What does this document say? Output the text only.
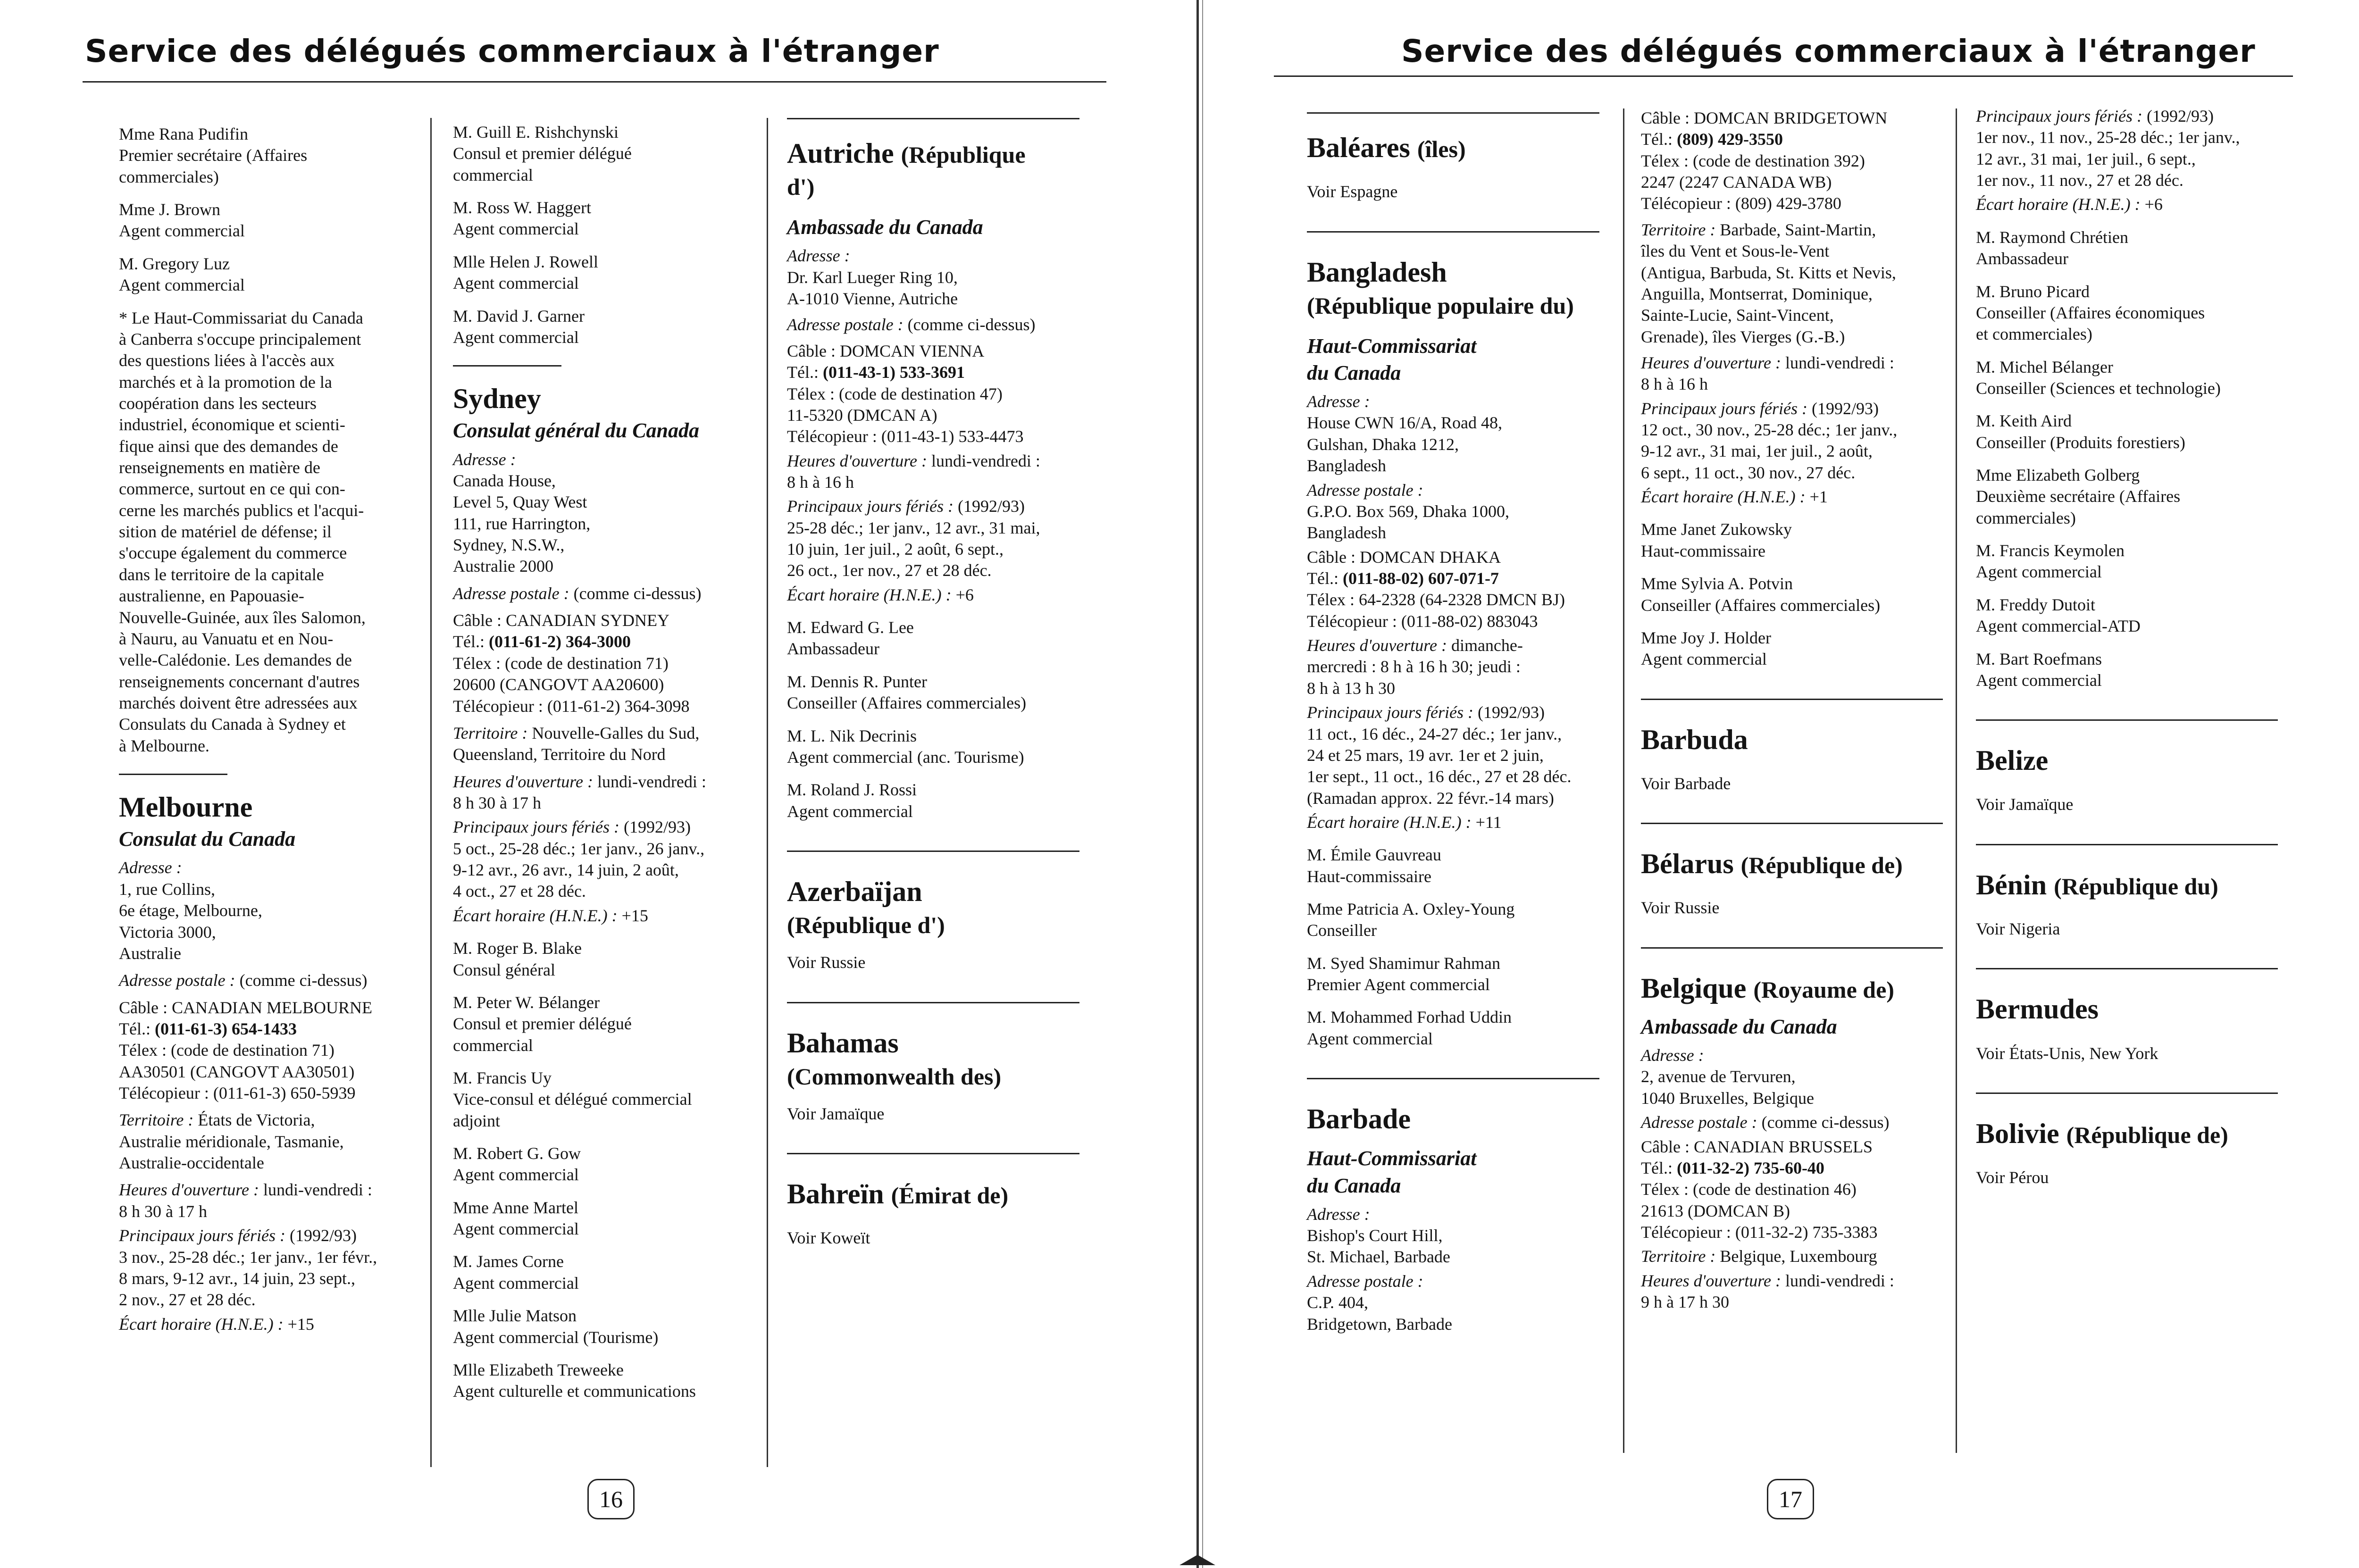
Service des délégués commerciaux à l'étranger	Service des délégués commerciaux à l'étranger
Mme Rana Pudifin
Premier secrétaire (Affaires
commerciales)
Mme J. Brown
Agent commercial
M. Gregory Luz
Agent commercial
* Le Haut-Commissariat du Canada
à Canberra s'occupe principalement
des questions liées à l'accès aux
marchés et à la promotion de la
coopération dans les secteurs
industriel, économique et scienti-
fique ainsi que des demandes de
renseignements en matière de
commerce, surtout en ce qui con-
cerne les marchés publics et l'acqui-
sition de matériel de défense; il
s'occupe également du commerce
dans le territoire de la capitale
australienne, en Papouasie-
Nouvelle-Guinée, aux îles Salomon,
à Nauru, au Vanuatu et en Nou-
velle-Calédonie. Les demandes de
renseignements concernant d'autres
marchés doivent être adressées aux
Consulats du Canada à Sydney et
à Melbourne.
Melbourne
Consulat du Canada
Adresse :
1, rue Collins,
6e étage, Melbourne,
Victoria 3000,
Australie
Adresse postale : (comme ci-dessus)
Câble : CANADIAN MELBOURNE
Tél.: (011-61-3) 654-1433
Télex : (code de destination 71)
AA30501 (CANGOVT AA30501)
Télécopieur : (011-61-3) 650-5939
Territoire : États de Victoria,
Australie méridionale, Tasmanie,
Australie-occidentale
Heures d'ouverture : lundi-vendredi :
8 h 30 à 17 h
Principaux jours fériés : (1992/93)
3 nov., 25-28 déc.; 1er janv., 1er févr.,
8 mars, 9-12 avr., 14 juin, 23 sept.,
2 nov., 27 et 28 déc.
Écart horaire (H.N.E.) : +15
M. Guill E. Rishchynski
Consul et premier délégué
commercial
M. Ross W. Haggert
Agent commercial
Mlle Helen J. Rowell
Agent commercial
M. David J. Garner
Agent commercial
Sydney
Consulat général du Canada
Adresse :
Canada House,
Level 5, Quay West
111, rue Harrington,
Sydney, N.S.W.,
Australie 2000
Adresse postale : (comme ci-dessus)
Câble : CANADIAN SYDNEY
Tél.: (011-61-2) 364-3000
Télex : (code de destination 71)
20600 (CANGOVT AA20600)
Télécopieur : (011-61-2) 364-3098
Territoire : Nouvelle-Galles du Sud,
Queensland, Territoire du Nord
Heures d'ouverture : lundi-vendredi :
8 h 30 à 17 h
Principaux jours fériés : (1992/93)
5 oct., 25-28 déc.; 1er janv., 26 janv.,
9-12 avr., 26 avr., 14 juin, 2 août,
4 oct., 27 et 28 déc.
Écart horaire (H.N.E.) : +15
M. Roger B. Blake
Consul général
M. Peter W. Bélanger
Consul et premier délégué
commercial
M. Francis Uy
Vice-consul et délégué commercial
adjoint
M. Robert G. Gow
Agent commercial
Mme Anne Martel
Agent commercial
M. James Corne
Agent commercial
Mlle Julie Matson
Agent commercial (Tourisme)
Mlle Elizabeth Treweeke
Agent culturelle et communications
Autriche (République
d')
Ambassade du Canada
Adresse :
Dr. Karl Lueger Ring 10,
A-1010 Vienne, Autriche
Adresse postale : (comme ci-dessus)
Câble : DOMCAN VIENNA
Tél.: (011-43-1) 533-3691
Télex : (code de destination 47)
11-5320 (DMCAN A)
Télécopieur : (011-43-1) 533-4473
Heures d'ouverture : lundi-vendredi :
8 h à 16 h
Principaux jours fériés : (1992/93)
25-28 déc.; 1er janv., 12 avr., 31 mai,
10 juin, 1er juil., 2 août, 6 sept.,
26 oct., 1er nov., 27 et 28 déc.
Écart horaire (H.N.E.) : +6
M. Edward G. Lee
Ambassadeur
M. Dennis R. Punter
Conseiller (Affaires commerciales)
M. L. Nik Decrinis
Agent commercial (anc. Tourisme)
M. Roland J. Rossi
Agent commercial
Azerbaïjan
(République d')
Voir Russie
Bahamas
(Commonwealth des)
Voir Jamaïque
Bahreïn (Émirat de)
Voir Koweït
Baléares (îles)
Voir Espagne
Bangladesh
(République populaire du)
Haut-Commissariat
du Canada
Adresse :
House CWN 16/A, Road 48,
Gulshan, Dhaka 1212,
Bangladesh
Adresse postale :
G.P.O. Box 569, Dhaka 1000,
Bangladesh
Câble : DOMCAN DHAKA
Tél.: (011-88-02) 607-071-7
Télex : 64-2328 (64-2328 DMCN BJ)
Télécopieur : (011-88-02) 883043
Heures d'ouverture : dimanche-
mercredi : 8 h à 16 h 30; jeudi :
8 h à 13 h 30
Principaux jours fériés : (1992/93)
11 oct., 16 déc., 24-27 déc.; 1er janv.,
24 et 25 mars, 19 avr. 1er et 2 juin,
1er sept., 11 oct., 16 déc., 27 et 28 déc.
(Ramadan approx. 22 févr.-14 mars)
Écart horaire (H.N.E.) : +11
M. Émile Gauvreau
Haut-commissaire
Mme Patricia A. Oxley-Young
Conseiller
M. Syed Shamimur Rahman
Premier Agent commercial
M. Mohammed Forhad Uddin
Agent commercial
Barbade
Haut-Commissariat
du Canada
Adresse :
Bishop's Court Hill,
St. Michael, Barbade
Adresse postale :
C.P. 404,
Bridgetown, Barbade
Câble : DOMCAN BRIDGETOWN
Tél.: (809) 429-3550
Télex : (code de destination 392)
2247 (2247 CANADA WB)
Télécopieur : (809) 429-3780
Territoire : Barbade, Saint-Martin,
îles du Vent et Sous-le-Vent
(Antigua, Barbuda, St. Kitts et Nevis,
Anguilla, Montserrat, Dominique,
Sainte-Lucie, Saint-Vincent,
Grenade), îles Vierges (G.-B.)
Heures d'ouverture : lundi-vendredi :
8 h à 16 h
Principaux jours fériés : (1992/93)
12 oct., 30 nov., 25-28 déc.; 1er janv.,
9-12 avr., 31 mai, 1er juil., 2 août,
6 sept., 11 oct., 30 nov., 27 déc.
Écart horaire (H.N.E.) : +1
Mme Janet Zukowsky
Haut-commissaire
Mme Sylvia A. Potvin
Conseiller (Affaires commerciales)
Mme Joy J. Holder
Agent commercial
Barbuda
Voir Barbade
Bélarus (République de)
Voir Russie
Belgique (Royaume de)
Ambassade du Canada
Adresse :
2, avenue de Tervuren,
1040 Bruxelles, Belgique
Adresse postale : (comme ci-dessus)
Câble : CANADIAN BRUSSELS
Tél.: (011-32-2) 735-60-40
Télex : (code de destination 46)
21613 (DOMCAN B)
Télécopieur : (011-32-2) 735-3383
Territoire : Belgique, Luxembourg
Heures d'ouverture : lundi-vendredi :
9 h à 17 h 30
Principaux jours fériés : (1992/93)
1er nov., 11 nov., 25-28 déc.; 1er janv.,
12 avr., 31 mai, 1er juil., 6 sept.,
1er nov., 11 nov., 27 et 28 déc.
Écart horaire (H.N.E.) : +6
M. Raymond Chrétien
Ambassadeur
M. Bruno Picard
Conseiller (Affaires économiques
et commerciales)
M. Michel Bélanger
Conseiller (Sciences et technologie)
M. Keith Aird
Conseiller (Produits forestiers)
Mme Elizabeth Golberg
Deuxième secrétaire (Affaires
commerciales)
M. Francis Keymolen
Agent commercial
M. Freddy Dutoit
Agent commercial-ATD
M. Bart Roefmans
Agent commercial
Belize
Voir Jamaïque
Bénin (République du)
Voir Nigeria
Bermudes
Voir États-Unis, New York
Bolivie (République de)
Voir Pérou
16	17
